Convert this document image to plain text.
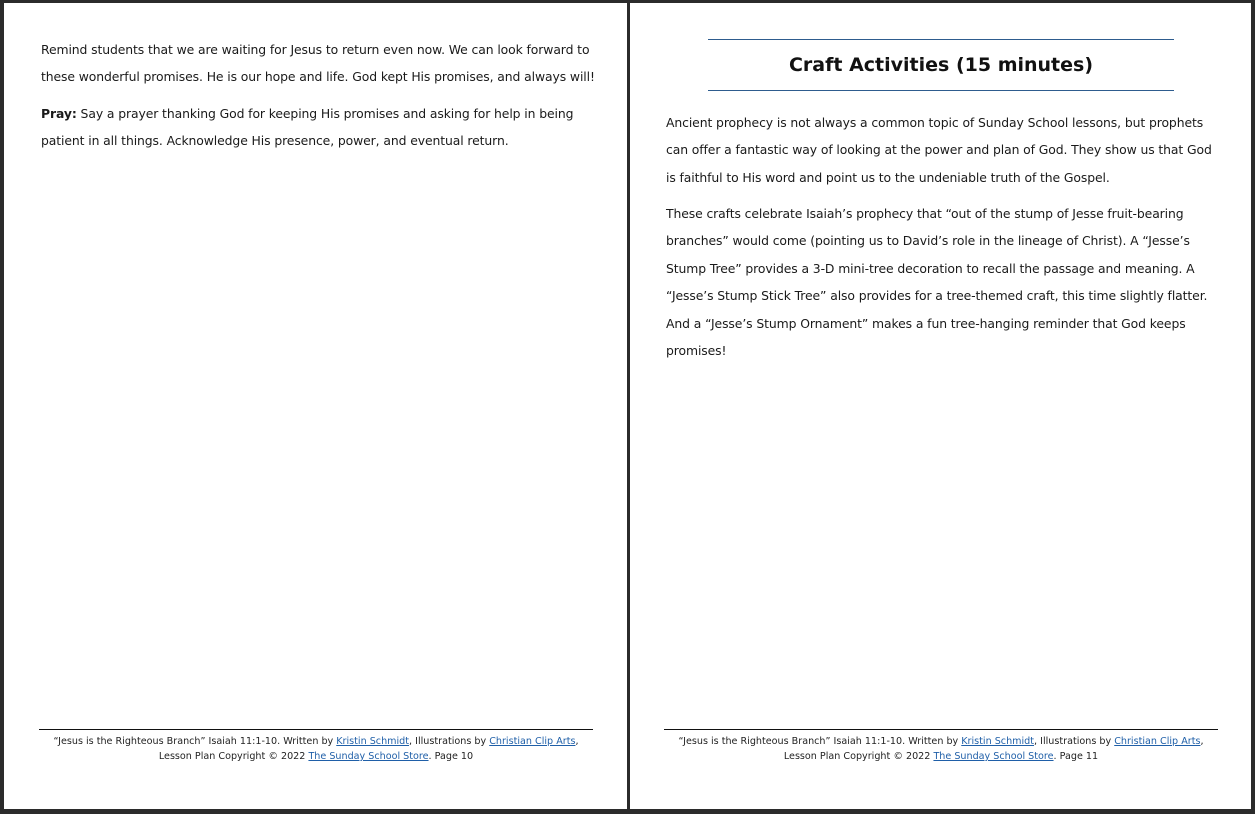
Remind students that we are waiting for Jesus to return even now. We can look forward to these wonderful promises. He is our hope and life. God kept His promises, and always will!
Pray: Say a prayer thanking God for keeping His promises and asking for help in being patient in all things. Acknowledge His presence, power, and eventual return.
“Jesus is the Righteous Branch” Isaiah 11:1-10. Written by Kristin Schmidt, Illustrations by Christian Clip Arts,
Lesson Plan Copyright © 2022 The Sunday School Store. Page 10
Craft Activities (15 minutes)
Ancient prophecy is not always a common topic of Sunday School lessons, but prophets can offer a fantastic way of looking at the power and plan of God. They show us that God is faithful to His word and point us to the undeniable truth of the Gospel.
These crafts celebrate Isaiah’s prophecy that “out of the stump of Jesse fruit-bearing branches” would come (pointing us to David’s role in the lineage of Christ). A “Jesse’s Stump Tree” provides a 3-D mini-tree decoration to recall the passage and meaning. A “Jesse’s Stump Stick Tree” also provides for a tree-themed craft, this time slightly flatter. And a “Jesse’s Stump Ornament” makes a fun tree-hanging reminder that God keeps promises!
“Jesus is the Righteous Branch” Isaiah 11:1-10. Written by Kristin Schmidt, Illustrations by Christian Clip Arts,
Lesson Plan Copyright © 2022 The Sunday School Store. Page 11
